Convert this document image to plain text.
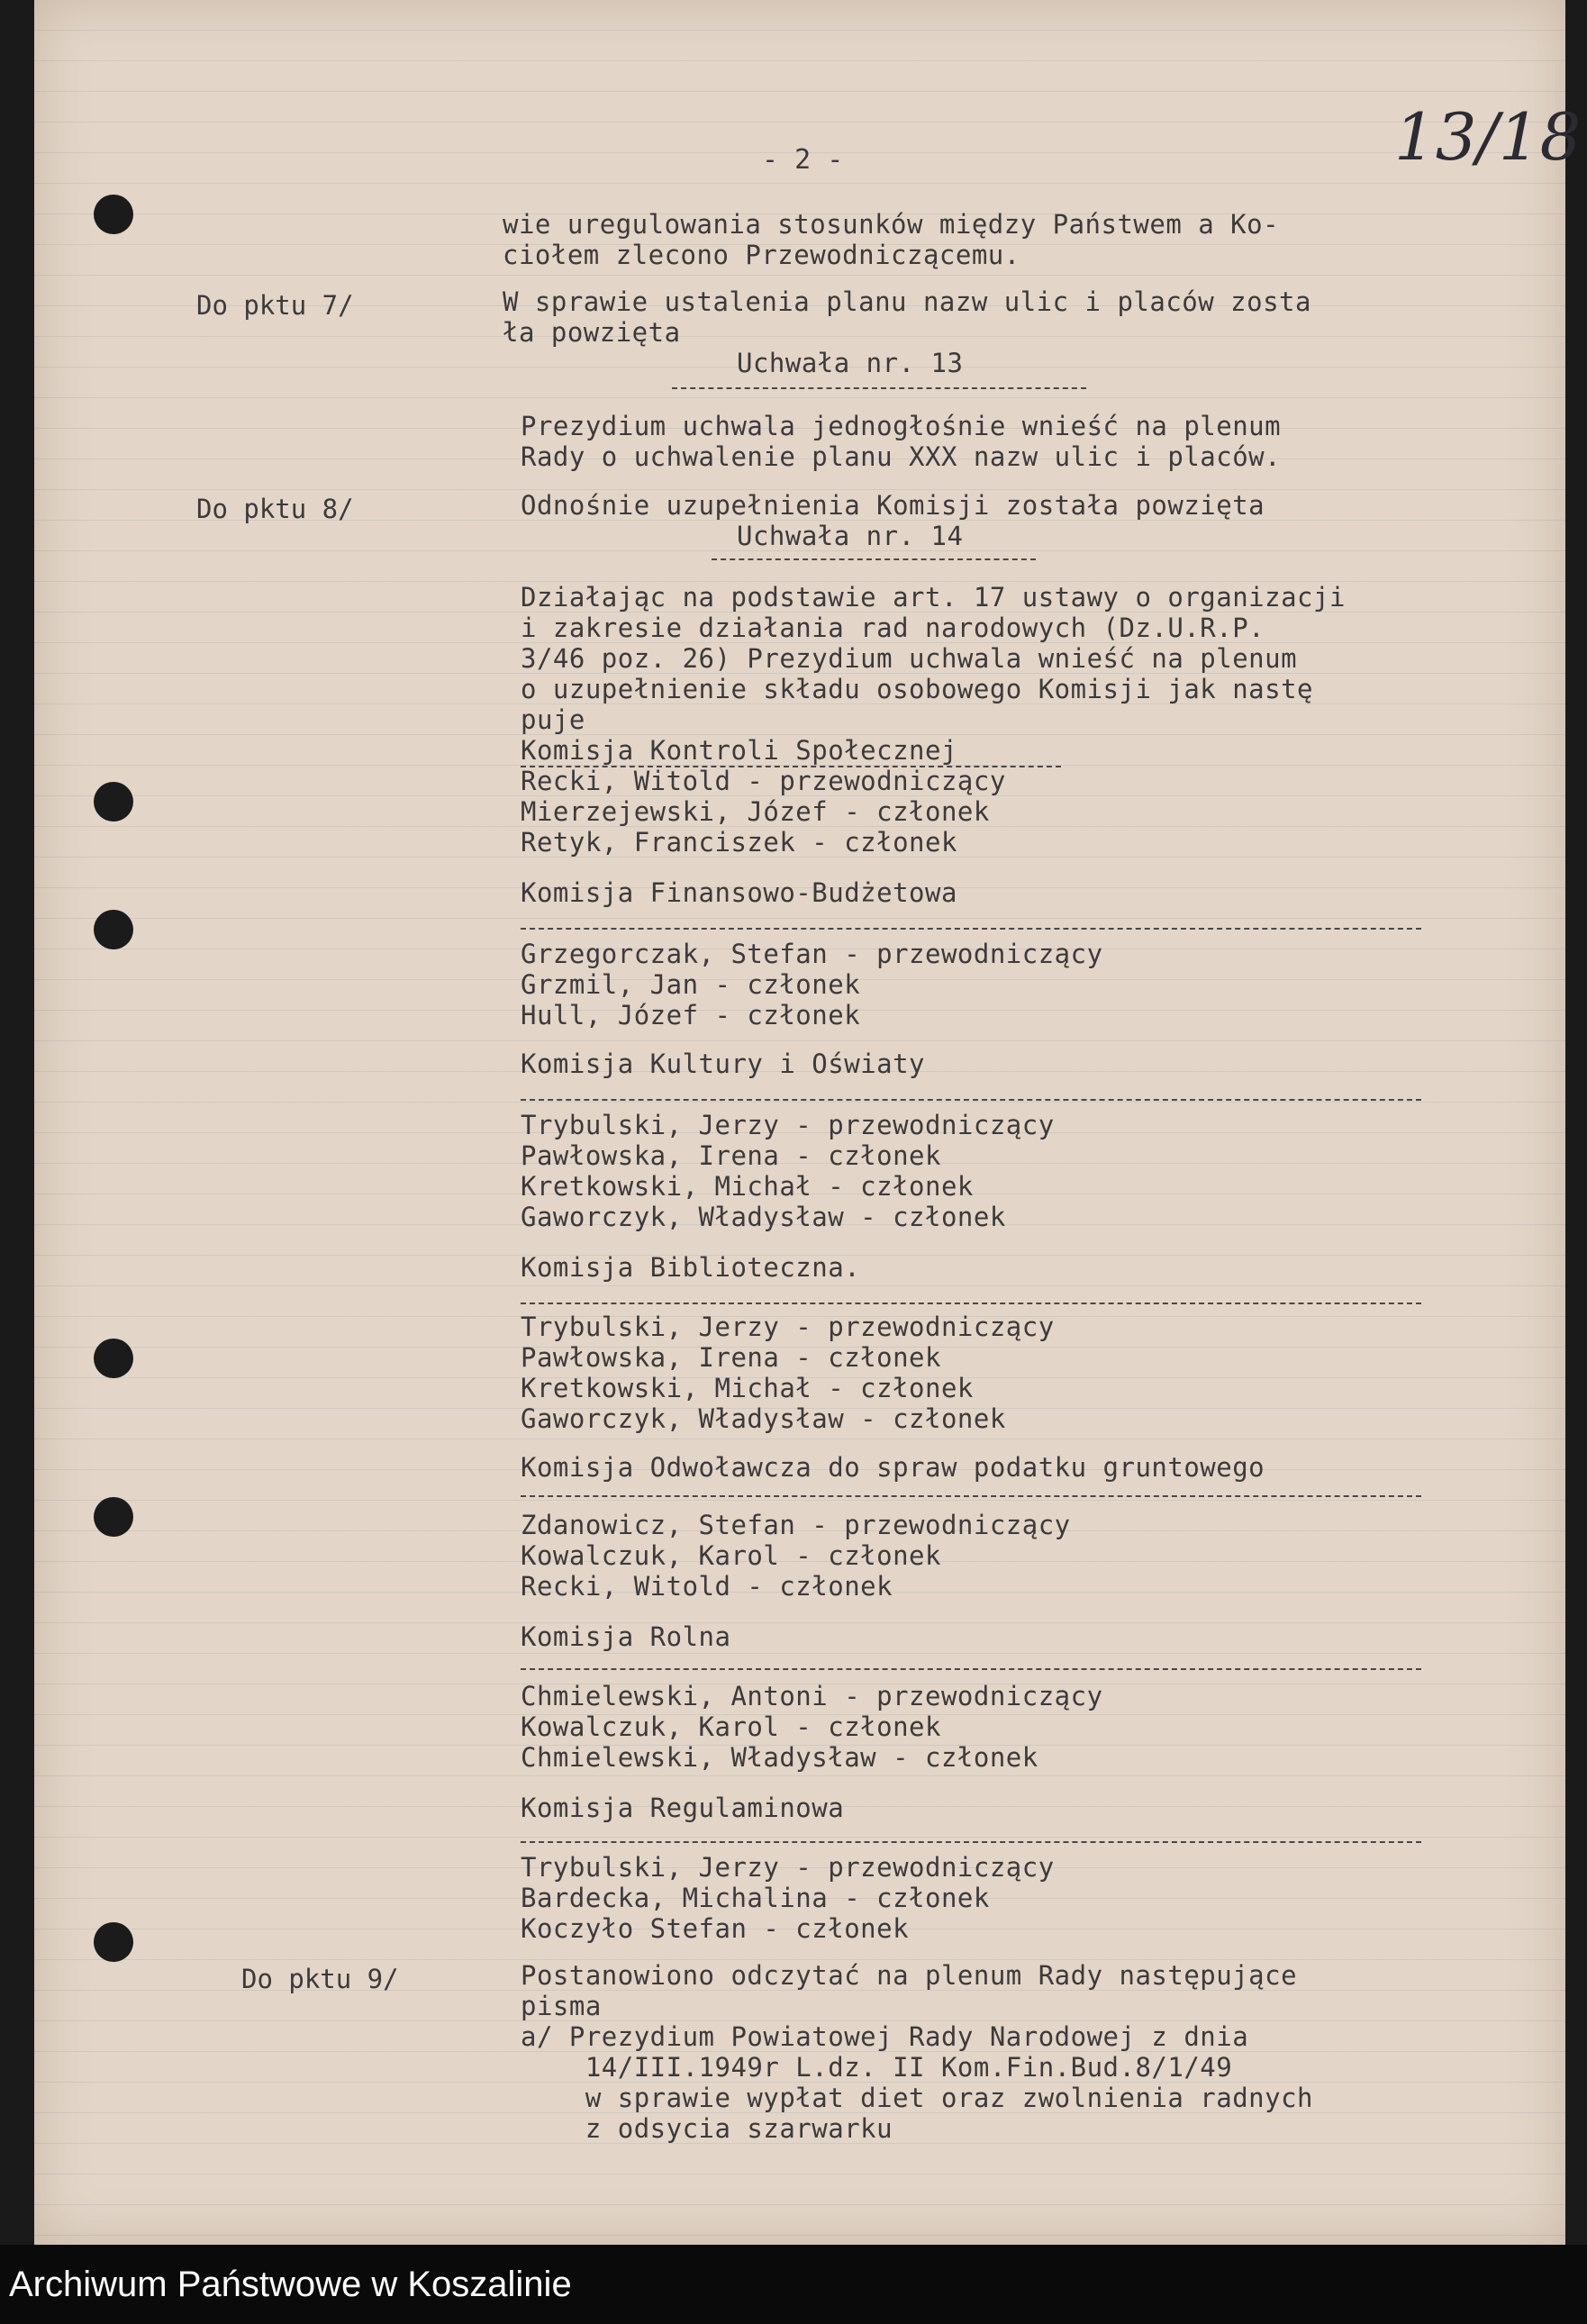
- 2 -	13/18
wie uregulowania stosunków między Państwem a Ko-
ciołem zlecono Przewodniczącemu.
Do pktu 7/	W sprawie ustalenia planu nazw ulic i placów zosta
ła powzięta
Uchwała nr. 13
Prezydium uchwala jednogłośnie wnieść na plenum
Rady o uchwalenie planu XXX nazw ulic i placów.
Do pktu 8/	Odnośnie uzupełnienia Komisji została powzięta
Uchwała nr. 14
Działając na podstawie art. 17 ustawy o organizacji
i zakresie działania rad narodowych (Dz.U.R.P.
3/46 poz. 26) Prezydium uchwala wnieść na plenum
o uzupełnienie składu osobowego Komisji jak nastę
puje
Komisja Kontroli Społecznej
Recki, Witold - przewodniczący
Mierzejewski, Józef - członek
Retyk, Franciszek - członek
Komisja Finansowo-Budżetowa
Grzegorczak, Stefan - przewodniczący
Grzmil, Jan - członek
Hull, Józef - członek
Komisja Kultury i Oświaty
Trybulski, Jerzy - przewodniczący
Pawłowska, Irena - członek
Kretkowski, Michał - członek
Gaworczyk, Władysław - członek
Komisja Biblioteczna.
Trybulski, Jerzy - przewodniczący
Pawłowska, Irena - członek
Kretkowski, Michał - członek
Gaworczyk, Władysław - członek
Komisja Odwoławcza do spraw podatku gruntowego
Zdanowicz, Stefan - przewodniczący
Kowalczuk, Karol - członek
Recki, Witold - członek
Komisja Rolna
Chmielewski, Antoni - przewodniczący
Kowalczuk, Karol - członek
Chmielewski, Władysław - członek
Komisja Regulaminowa
Trybulski, Jerzy - przewodniczący
Bardecka, Michalina - członek
Koczyło Stefan - członek
Do pktu 9/	Postanowiono odczytać na plenum Rady następujące
pisma
a/ Prezydium Powiatowej Rady Narodowej z dnia
14/III.1949r L.dz. II Kom.Fin.Bud.8/1/49
w sprawie wypłat diet oraz zwolnienia radnych
z odsycia szarwarku
Archiwum Państwowe w Koszalinie
